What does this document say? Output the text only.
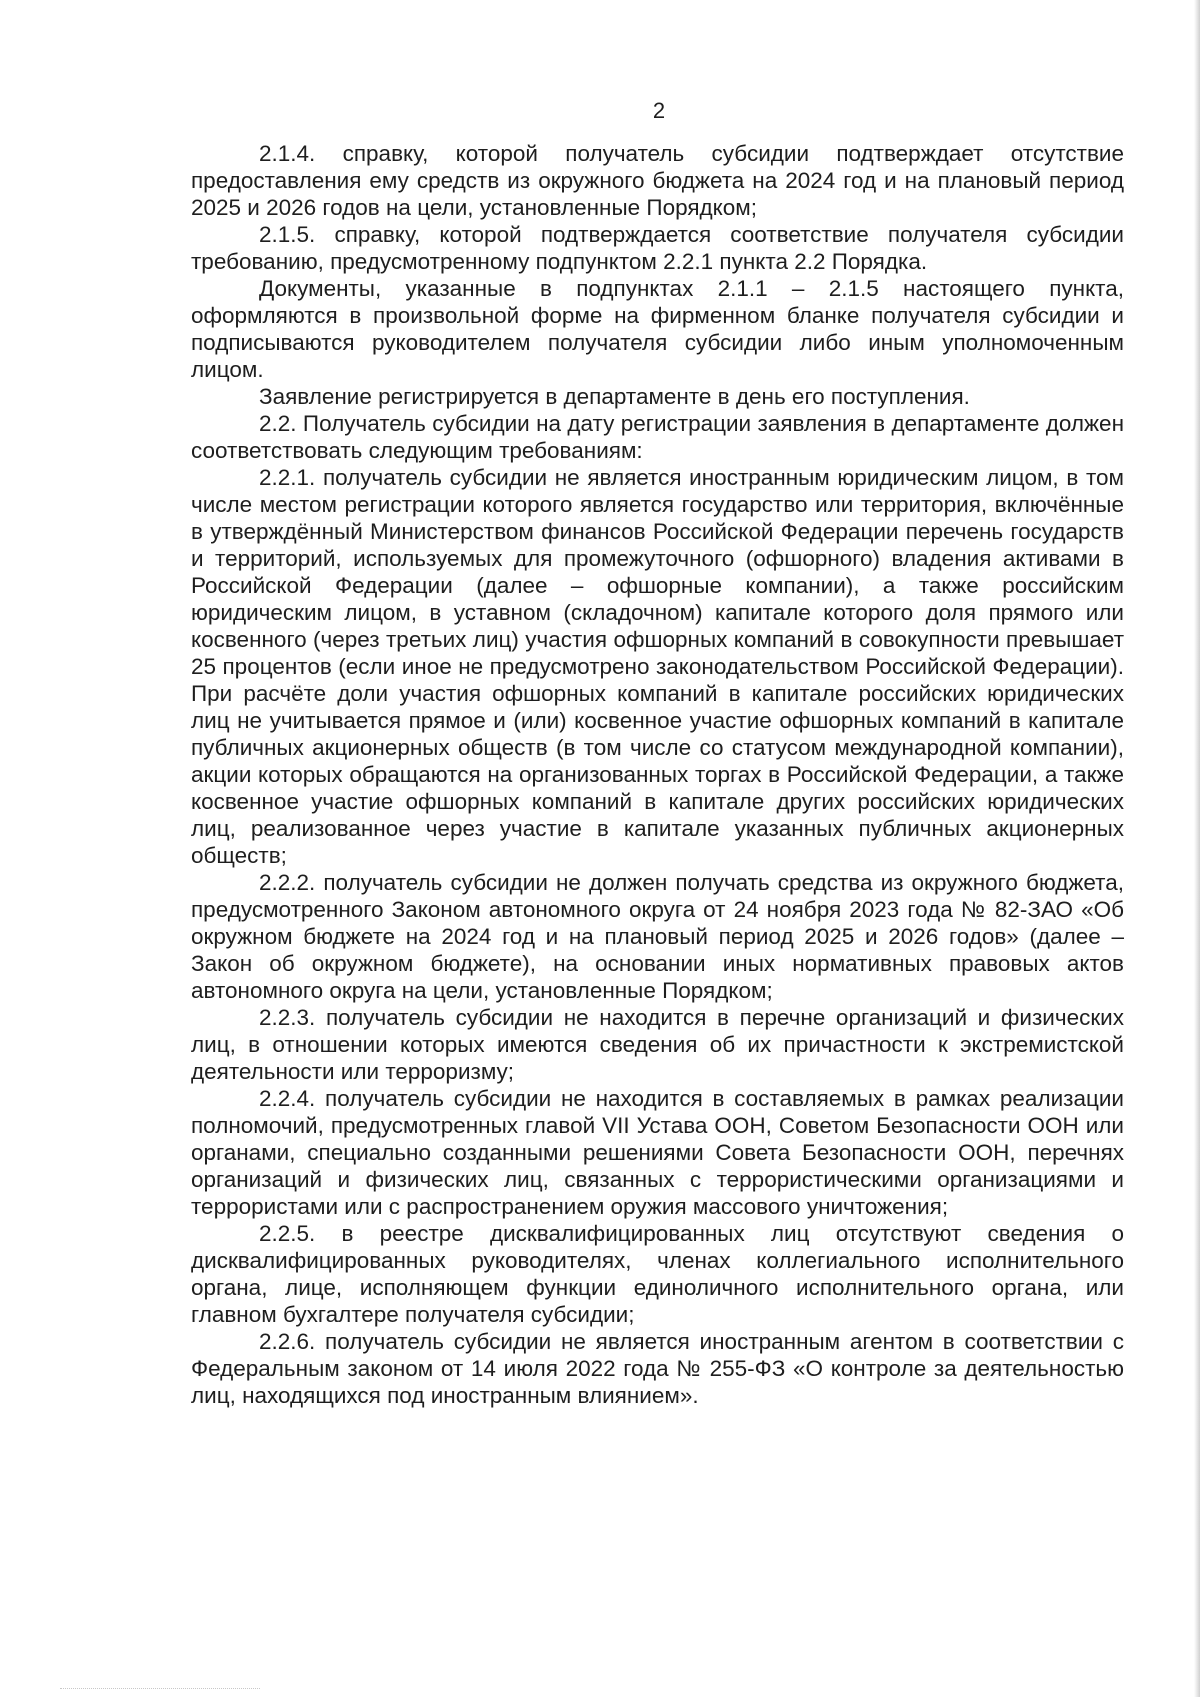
2

2.1.4. справку, которой получатель субсидии подтверждает отсутствие предоставления ему средств из окружного бюджета на 2024 год и на плановый период 2025 и 2026 годов на цели, установленные Порядком;

2.1.5. справку, которой подтверждается соответствие получателя субсидии требованию, предусмотренному подпунктом 2.2.1 пункта 2.2 Порядка.

Документы, указанные в подпунктах 2.1.1 – 2.1.5 настоящего пункта, оформляются в произвольной форме на фирменном бланке получателя субсидии и подписываются руководителем получателя субсидии либо иным уполномоченным лицом.

Заявление регистрируется в департаменте в день его поступления.

2.2. Получатель субсидии на дату регистрации заявления в департаменте должен соответствовать следующим требованиям:

2.2.1. получатель субсидии не является иностранным юридическим лицом, в том числе местом регистрации которого является государство или территория, включённые в утверждённый Министерством финансов Российской Федерации перечень государств и территорий, используемых для промежуточного (офшорного) владения активами в Российской Федерации (далее – офшорные компании), а также российским юридическим лицом, в уставном (складочном) капитале которого доля прямого или косвенного (через третьих лиц) участия офшорных компаний в совокупности превышает 25 процентов (если иное не предусмотрено законодательством Российской Федерации). При расчёте доли участия офшорных компаний в капитале российских юридических лиц не учитывается прямое и (или) косвенное участие офшорных компаний в капитале публичных акционерных обществ (в том числе со статусом международной компании), акции которых обращаются на организованных торгах в Российской Федерации, а также косвенное участие офшорных компаний в капитале других российских юридических лиц, реализованное через участие в капитале указанных публичных акционерных обществ;

2.2.2. получатель субсидии не должен получать средства из окружного бюджета, предусмотренного Законом автономного округа от 24 ноября 2023 года № 82-ЗАО «Об окружном бюджете на 2024 год и на плановый период 2025 и 2026 годов» (далее – Закон об окружном бюджете), на основании иных нормативных правовых актов автономного округа на цели, установленные Порядком;

2.2.3. получатель субсидии не находится в перечне организаций и физических лиц, в отношении которых имеются сведения об их причастности к экстремистской деятельности или терроризму;

2.2.4. получатель субсидии не находится в составляемых в рамках реализации полномочий, предусмотренных главой VII Устава ООН, Советом Безопасности ООН или органами, специально созданными решениями Совета Безопасности ООН, перечнях организаций и физических лиц, связанных с террористическими организациями и террористами или с распространением оружия массового уничтожения;

2.2.5. в реестре дисквалифицированных лиц отсутствуют сведения о дисквалифицированных руководителях, членах коллегиального исполнительного органа, лице, исполняющем функции единоличного исполнительного органа, или главном бухгалтере получателя субсидии;

2.2.6. получатель субсидии не является иностранным агентом в соответствии с Федеральным законом от 14 июля 2022 года № 255-ФЗ «О контроле за деятельностью лиц, находящихся под иностранным влиянием».
